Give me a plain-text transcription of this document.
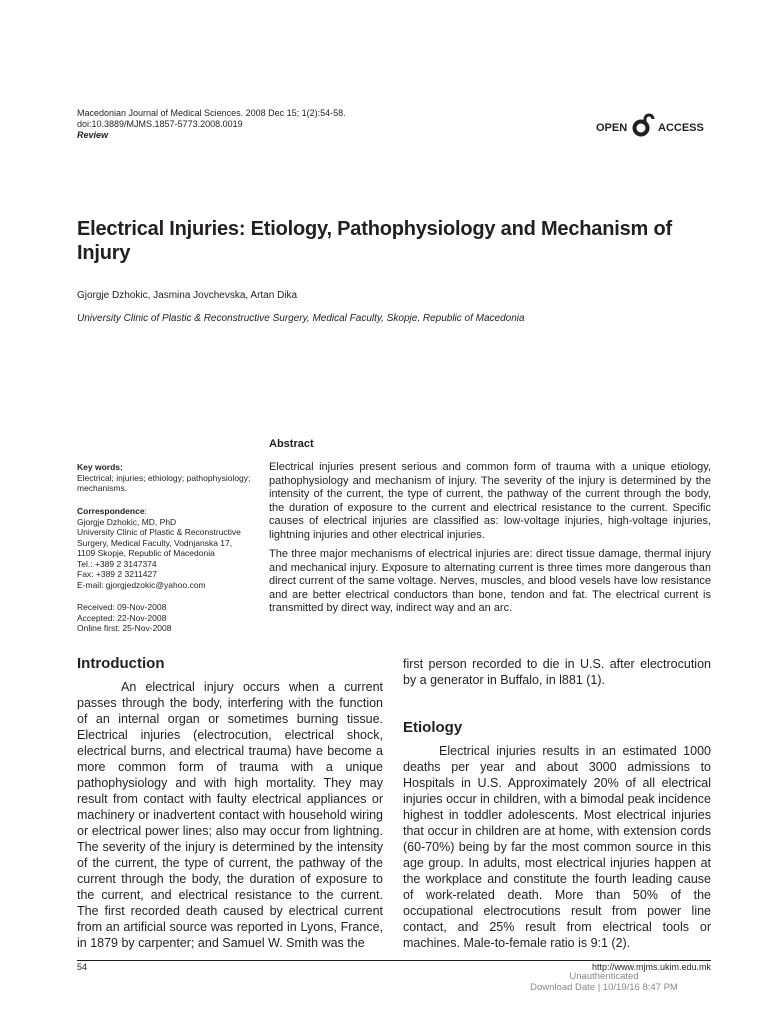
Macedonian Journal of Medical Sciences. 2008 Dec 15; 1(2):54-58.
doi:10.3889/MJMS.1857-5773.2008.0019
Review
OPEN	ACCESS
Electrical Injuries: Etiology, Pathophysiology and Mechanism of Injury
Gjorgje Dzhokic, Jasmina Jovchevska, Artan Dika
University Clinic of Plastic & Reconstructive Surgery, Medical Faculty, Skopje, Republic of Macedonia
Abstract
Key words:
Electrical; injuries; ethiology; pathophysiology; mechanisms.
Correspondence:
Gjorgje Dzhokic, MD, PhD
University Clinic of Plastic & Reconstructive
Surgery, Medical Faculty, Vodnjanska 17,
1109 Skopje, Republic of Macedonia
Tel.: +389 2 3147374
Fax: +389 2 3211427
E-mail: gjorgjedzokic@yahoo.com
Received: 09-Nov-2008
Accepted: 22-Nov-2008
Online first: 25-Nov-2008

Electrical injuries present serious and common form of trauma with a unique etiology, pathophysiology and mechanism of injury. The severity of the injury is determined by the intensity of the current, the type of current, the pathway of the current through the body, the duration of exposure to the current and electrical resistance to the current. Specific causes of electrical injuries are classified as: low-voltage injuries, high-voltage injuries, lightning injuries and other electrical injuries.

The three major mechanisms of electrical injuries are: direct tissue damage, thermal injury and mechanical injury. Exposure to alternating current is three times more dangerous than direct current of the same voltage. Nerves, muscles, and blood vesels have low resistance and are better electrical conductors than bone, tendon and fat. The electrical current is transmitted by direct way, indirect way and an arc.

Introduction

An electrical injury occurs when a current passes through the body, interfering with the function of an internal organ or sometimes burning tissue. Electrical injuries (electrocution, electrical shock, electrical burns, and electrical trauma) have become a more common form of trauma with a unique pathophysiology and with high mortality. They may result from contact with faulty electrical appliances or machinery or inadvertent contact with household wiring or electrical power lines; also may occur from lightning. The severity of the injury is determined by the intensity of the current, the type of current, the pathway of the current through the body, the duration of exposure to the current, and electrical resistance to the current. The first recorded death caused by electrical current from an artificial source was reported in Lyons, France, in 1879 by carpenter; and Samuel W. Smith was the

first person recorded to die in U.S. after electrocution by a generator in Buffalo, in l881 (1).

Etiology

Electrical injuries results in an estimated 1000 deaths per year and about 3000 admissions to Hospitals in U.S. Approximately 20% of all electrical injuries occur in children, with a bimodal peak incidence highest in toddler adolescents. Most electrical injuries that occur in children are at home, with extension cords (60-70%) being by far the most common source in this age group. In adults, most electrical injuries happen at the workplace and constitute the fourth leading cause of work-related death. More than 50% of the occupational electrocutions result from power line contact, and 25% result from electrical tools or machines. Male-to-female ratio is 9:1 (2).

54	http://www.mjms.ukim.edu.mk
Unauthenticated
Download Date | 10/19/16 8:47 PM
